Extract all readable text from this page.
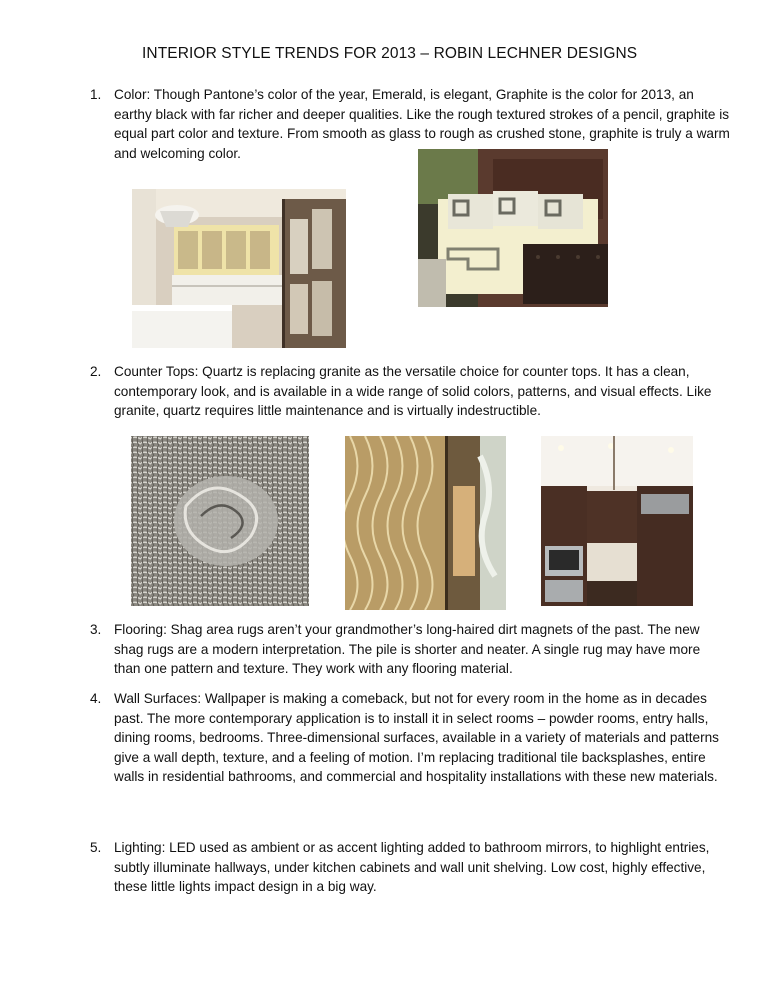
INTERIOR STYLE TRENDS FOR 2013 – ROBIN LECHNER DESIGNS
1. Color: Though Pantone’s color of the year, Emerald, is elegant, Graphite is the color for 2013, an earthy black with far richer and deeper qualities. Like the rough textured strokes of a pencil, graphite is equal part color and texture. From smooth as glass to rough as crushed stone, graphite is truly a warm and welcoming color.
2. Counter Tops: Quartz is replacing granite as the versatile choice for counter tops. It has a clean, contemporary look, and is available in a wide range of solid colors, patterns, and visual effects. Like granite, quartz requires little maintenance and is virtually indestructible.
3. Flooring: Shag area rugs aren’t your grandmother’s long-haired dirt magnets of the past. The new shag rugs are a modern interpretation. The pile is shorter and neater. A single rug may have more than one pattern and texture. They work with any flooring material.
4. Wall Surfaces: Wallpaper is making a comeback, but not for every room in the home as in decades past. The more contemporary application is to install it in select rooms – powder rooms, entry halls, dining rooms, bedrooms. Three-dimensional surfaces, available in a variety of materials and patterns give a wall depth, texture, and a feeling of motion. I’m replacing traditional tile backsplashes, entire walls in residential bathrooms, and commercial and hospitality installations with these new materials.
5. Lighting: LED used as ambient or as accent lighting added to bathroom mirrors, to highlight entries, subtly illuminate hallways, under kitchen cabinets and wall unit shelving. Low cost, highly effective, these little lights impact design in a big way.
